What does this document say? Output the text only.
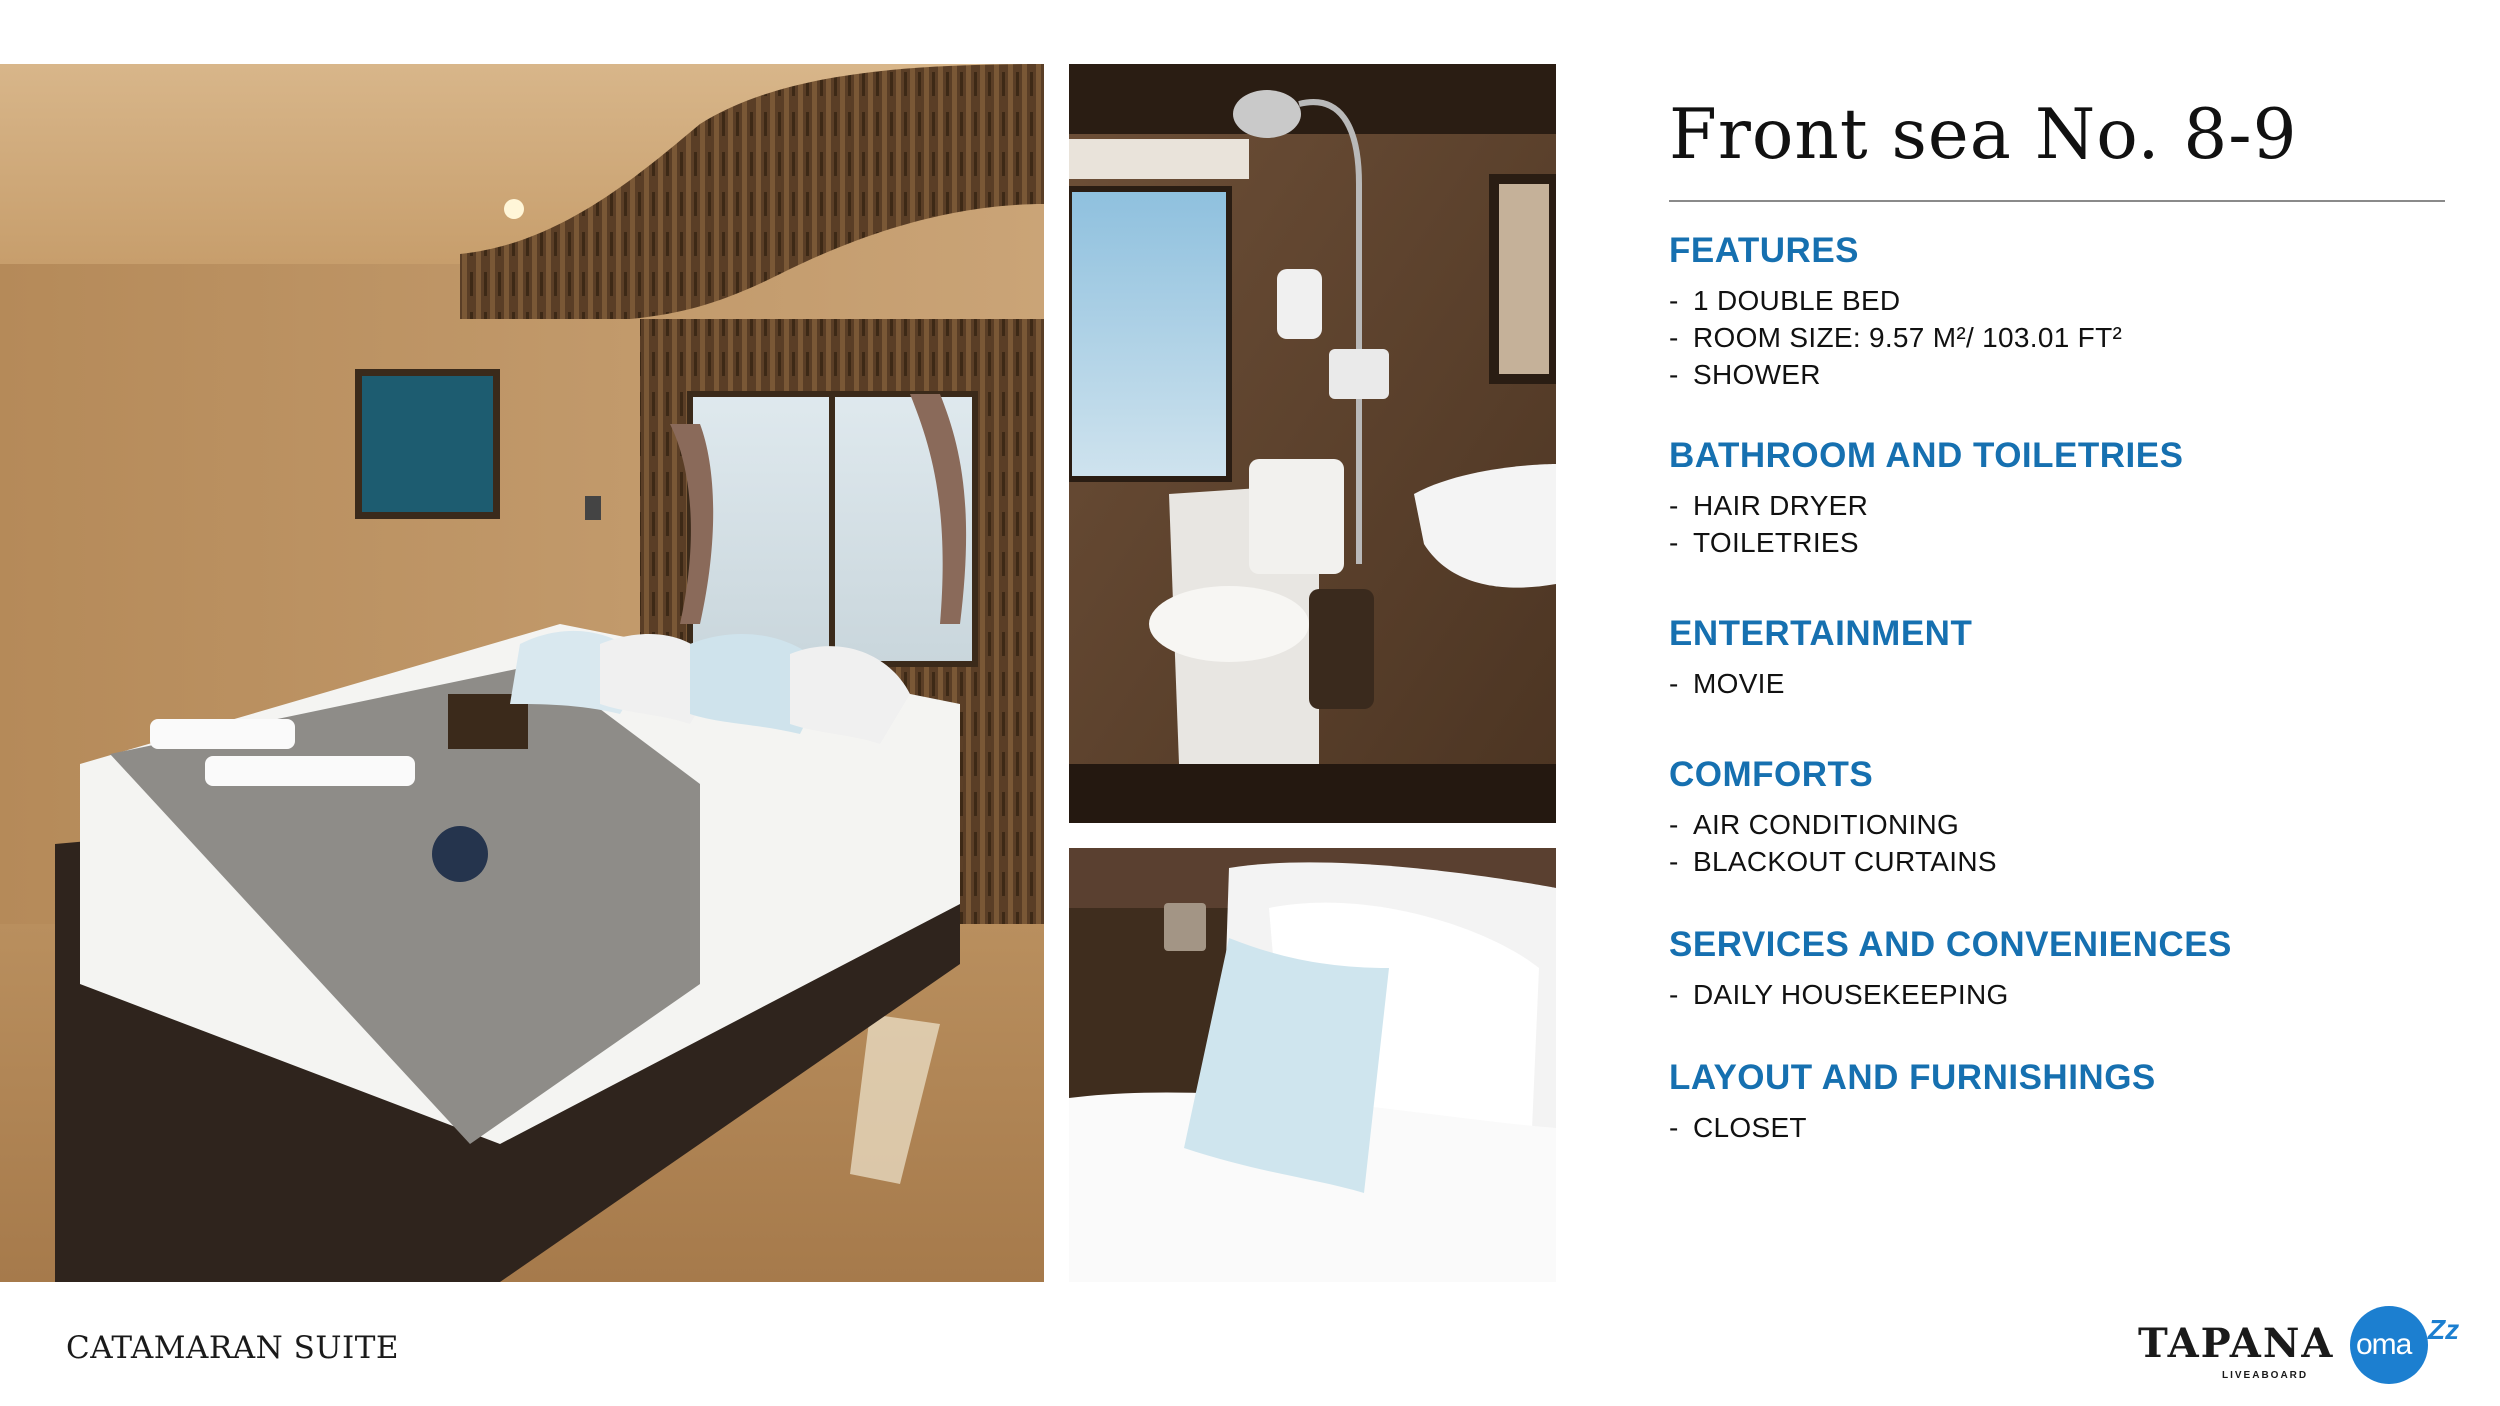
Front sea No. 8-9
FEATURES
- 1 DOUBLE BED
- ROOM SIZE: 9.57 M²/ 103.01 FT²
- SHOWER
BATHROOM AND TOILETRIES
- HAIR DRYER
- TOILETRIES
ENTERTAINMENT
- MOVIE
COMFORTS
- AIR CONDITIONING
- BLACKOUT CURTAINS
SERVICES AND CONVENIENCES
- DAILY HOUSEKEEPING
LAYOUT AND FURNISHINGS
- CLOSET
CATAMARAN SUITE	TAPANA
LIVEABOARD
oma Zz
